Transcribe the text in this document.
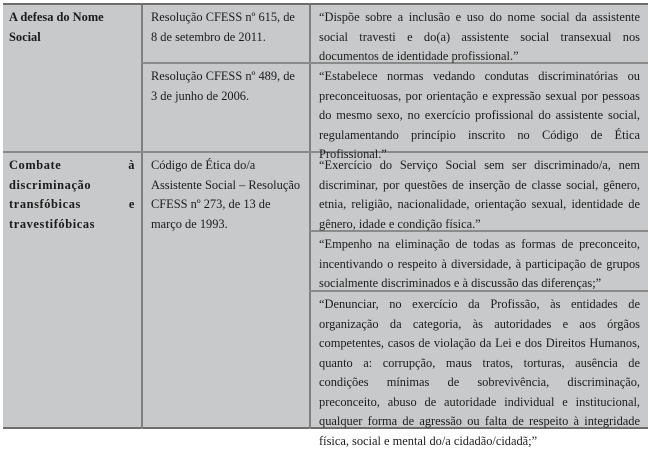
A defesa do Nome Social
Resolução CFESS nº 615, de 8 de setembro de 2011.
“Dispõe sobre a inclusão e uso do nome social da assistente social travesti e do(a) assistente social transexual nos documentos de identidade profissional.”
Resolução CFESS nº 489, de 3 de junho de 2006.
“Estabelece normas vedando condutas discriminatórias ou preconceituosas, por orientação e expressão sexual por pessoas do mesmo sexo, no exercício profissional do assistente social, regulamentando princípio inscrito no Código de Ética Profissional.”
Combate à discriminação transfóbicas e travestifóbicas
Código de Ética do/a Assistente Social – Resolução CFESS nº 273, de 13 de março de 1993.
“Exercício do Serviço Social sem ser discriminado/a, nem discriminar, por questões de inserção de classe social, gênero, etnia, religião, nacionalidade, orientação sexual, identidade de gênero, idade e condição física.”
“Empenho na eliminação de todas as formas de preconceito, incentivando o respeito à diversidade, à participação de grupos socialmente discriminados e à discussão das diferenças;”
“Denunciar, no exercício da Profissão, às entidades de organização da categoria, às autoridades e aos órgãos competentes, casos de violação da Lei e dos Direitos Humanos, quanto a: corrupção, maus tratos, torturas, ausência de condições mínimas de sobrevivência, discriminação, preconceito, abuso de autoridade individual e institucional, qualquer forma de agressão ou falta de respeito à integridade física, social e mental do/a cidadão/cidadã;”
